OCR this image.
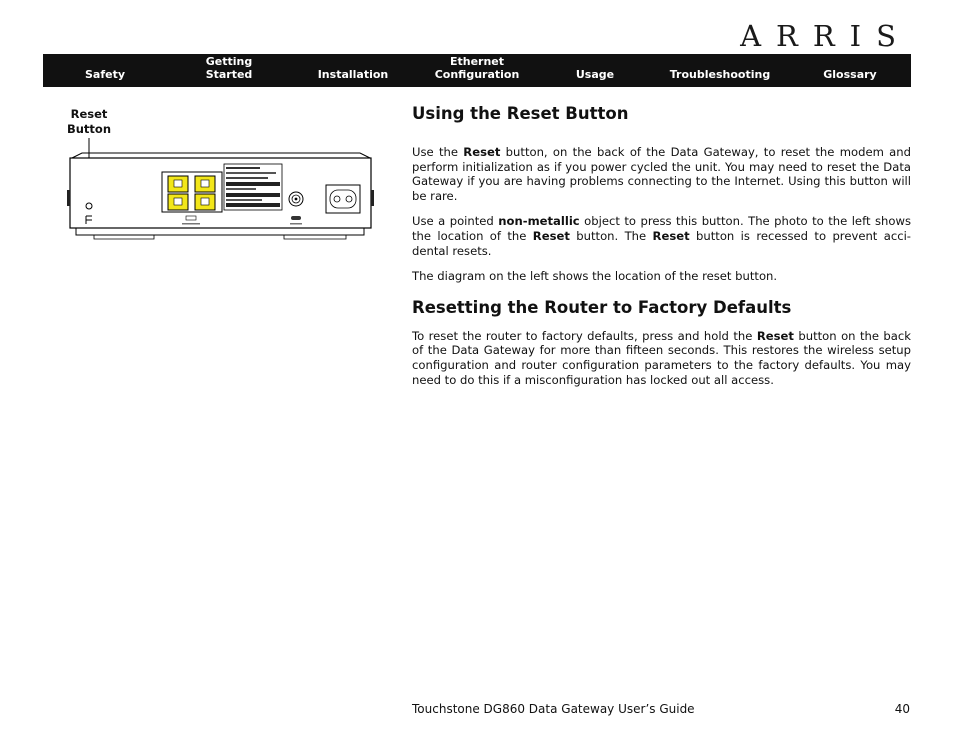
ARRIS
Safety
Getting
Started	Installation
Ethernet
Configuration	Usage	Troubleshooting	Glossary
Reset
Button
Using the Reset Button

Use the Reset button, on the back of the Data Gateway, to reset the modem and perform initialization as if you power cycled the unit. You may need to reset the Data Gateway if you are having problems connecting to the Internet. Using this button will be rare.

Use a pointed non-metallic object to press this button. The photo to the left shows the location of the Reset button. The Reset button is recessed to prevent acci-dental resets.

The diagram on the left shows the location of the reset button.

Resetting the Router to Factory Defaults

To reset the router to factory defaults, press and hold the Reset button on the back of the Data Gateway for more than fifteen seconds. This restores the wireless setup configuration and router configuration parameters to the factory defaults. You may need to do this if a misconfiguration has locked out all access.

Touchstone DG860 Data Gateway User’s Guide	40
